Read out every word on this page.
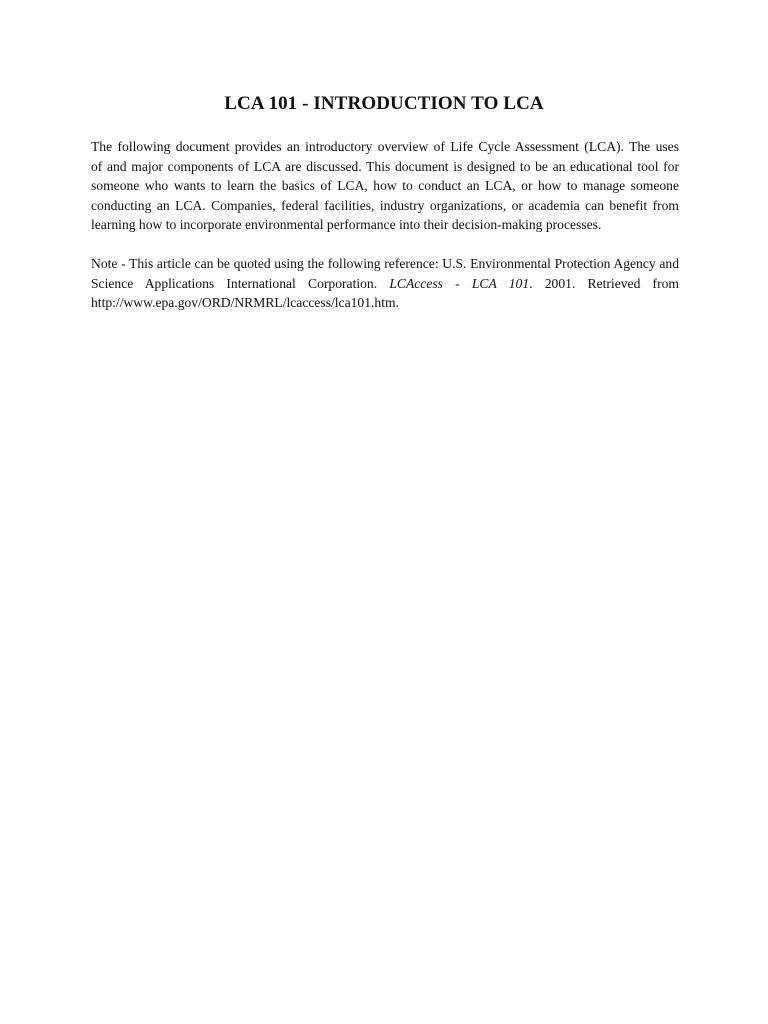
LCA 101 - INTRODUCTION TO LCA
The following document provides an introductory overview of Life Cycle Assessment (LCA). The uses
of and major components of LCA are discussed. This document is designed to be an educational tool for
someone who wants to learn the basics of LCA, how to conduct an LCA, or how to manage someone
conducting an LCA. Companies, federal facilities, industry organizations, or academia can benefit from
learning how to incorporate environmental performance into their decision-making processes.
Note - This article can be quoted using the following reference: U.S. Environmental Protection Agency and
Science Applications International Corporation. LCAccess - LCA 101. 2001. Retrieved from
http://www.epa.gov/ORD/NRMRL/lcaccess/lca101.htm.
